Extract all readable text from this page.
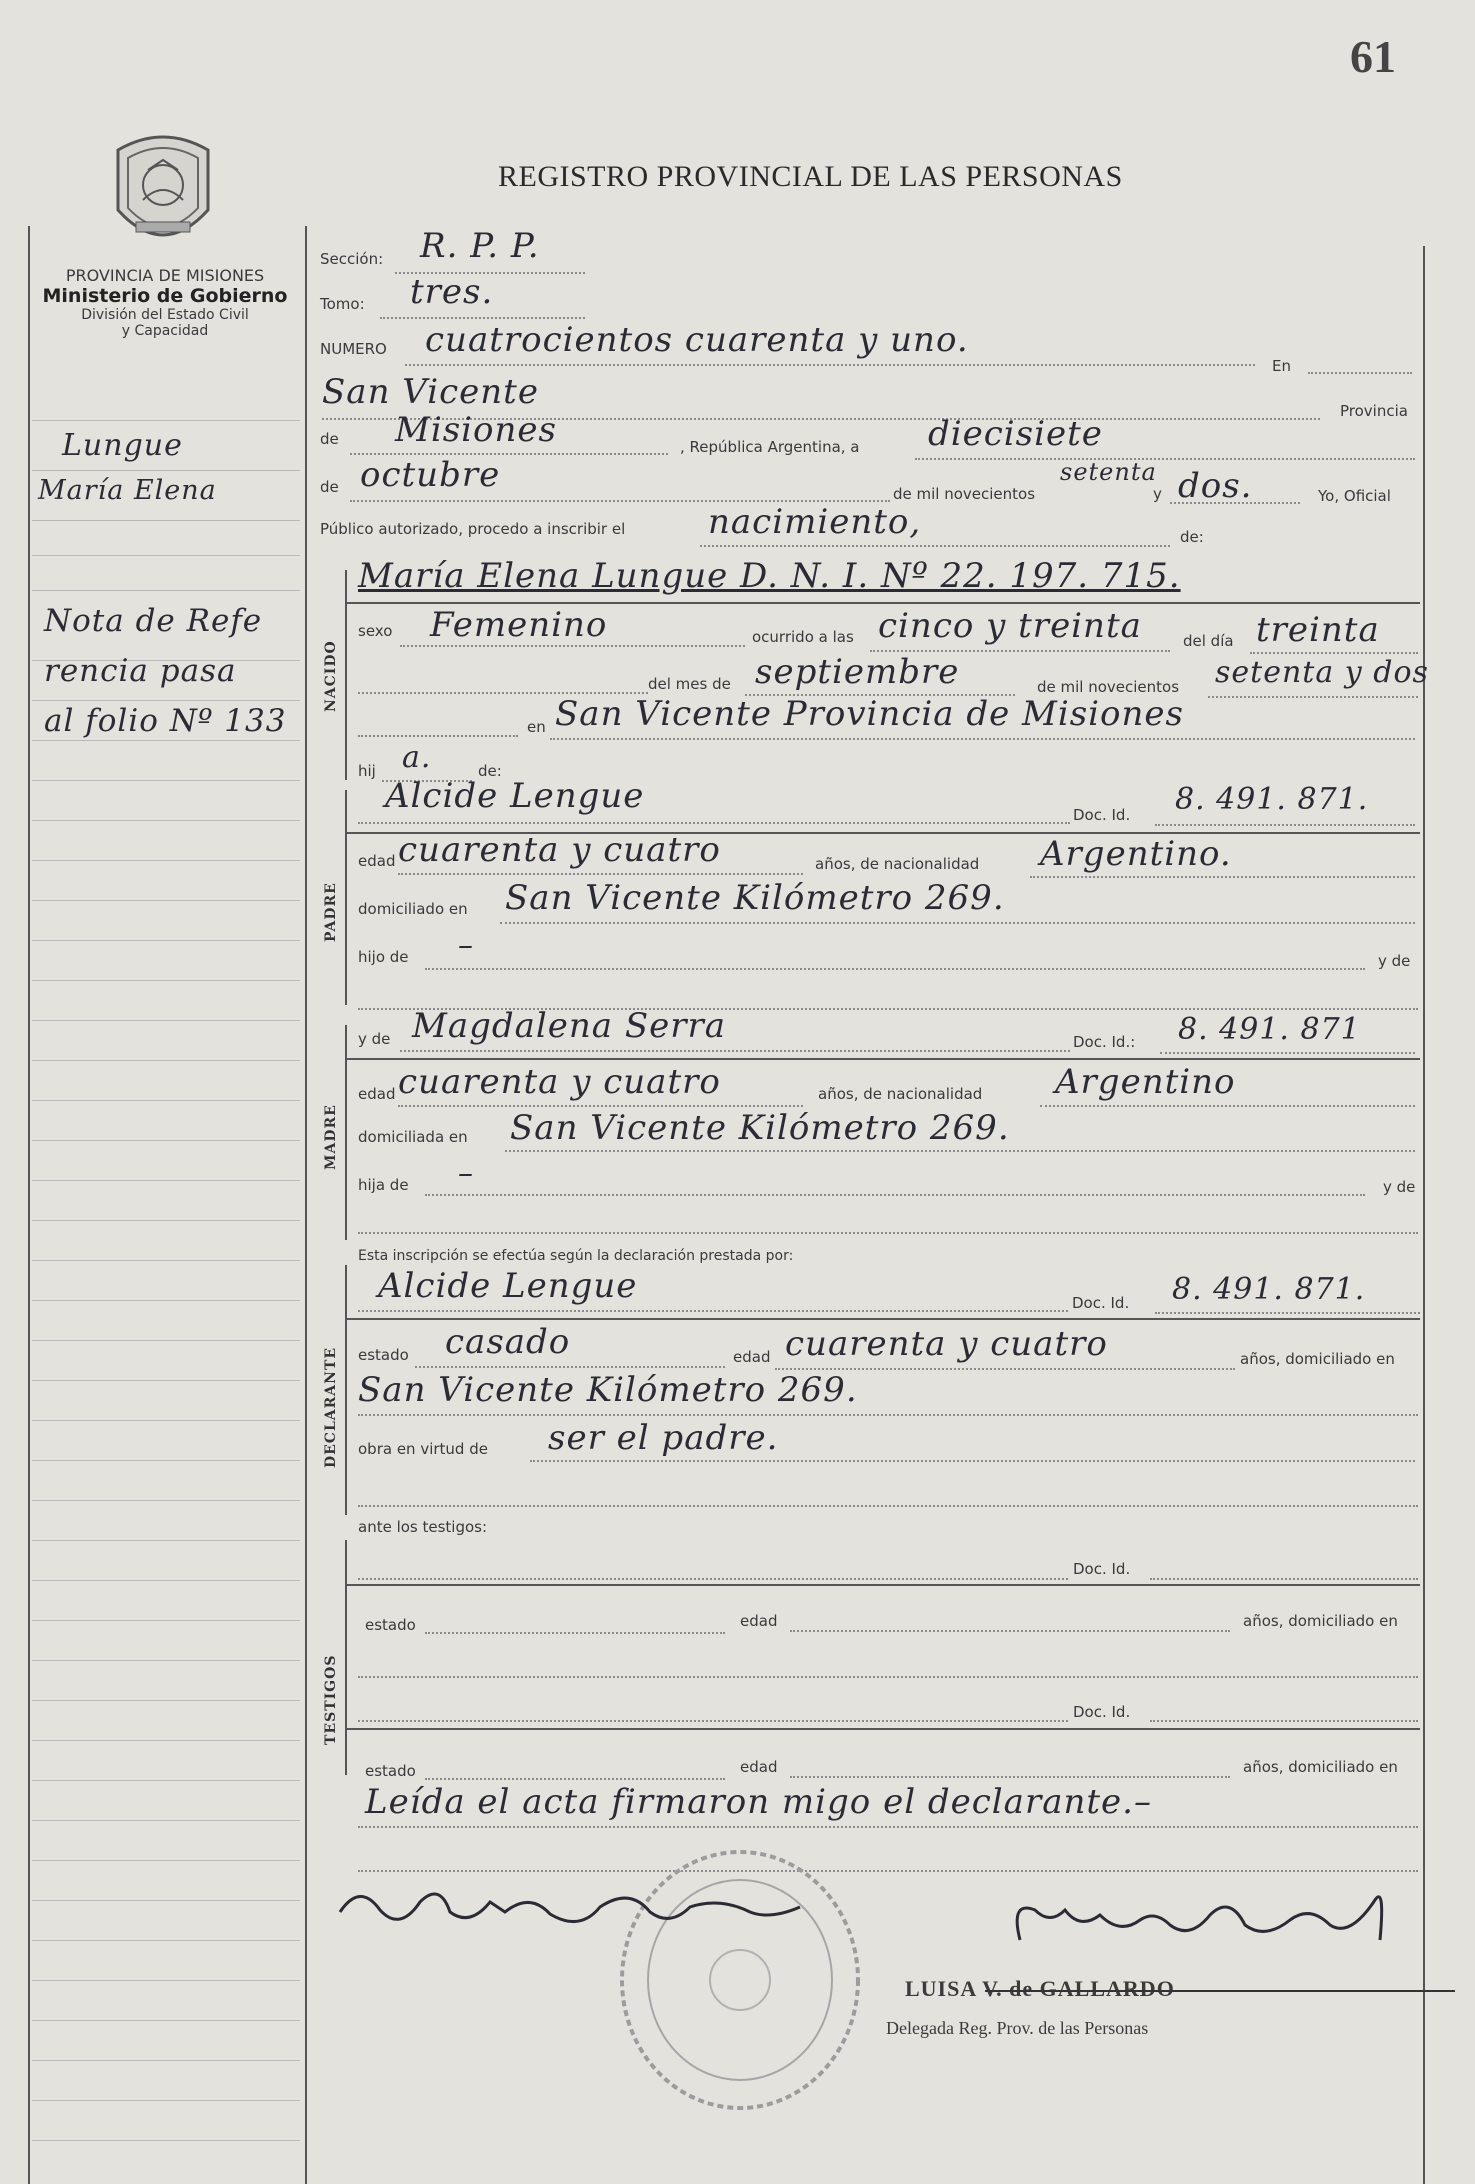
61
REGISTRO PROVINCIAL DE LAS PERSONAS
PROVINCIA DE MISIONES
Ministerio de Gobierno
División del Estado Civil
y Capacidad
Lungue
María Elena
Nota de Refe
rencia pasa
al folio Nº 133
Sección: R. P. P.
Tomo: tres.
NUMERO cuatrocientos cuarenta y uno.
En
San Vicente	Provincia
de Misiones	, República Argentina, a diecisiete
de octubre	de mil novecientos
setenta
y dos.	Yo, Oficial
Público autorizado, procedo a inscribir el nacimiento,	de:
NACIDO
María Elena Lungue D. N. I. Nº 22. 197. 715.
sexo Femenino	ocurrido a las cinco y treinta	del día treinta
del mes de septiembre	de mil novecientos setenta y dos
en San Vicente Provincia de Misiones
hij a.	de:
PADRE
Alcide Lengue	Doc. Id. 8. 491. 871.
edad cuarenta y cuatro	años, de nacionalidad Argentino.
domiciliado en San Vicente Kilómetro 269.
hijo de –	y de
MADRE
y de Magdalena Serra	Doc. Id.: 8. 491. 871
edad cuarenta y cuatro	años, de nacionalidad Argentino
domiciliada en San Vicente Kilómetro 269.
hija de –	y de
Esta inscripción se efectúa según la declaración prestada por:
DECLARANTE
Alcide Lengue	Doc. Id. 8. 491. 871.
estado casado	edad cuarenta y cuatro	años, domiciliado en
San Vicente Kilómetro 269.
obra en virtud de ser el padre.
ante los testigos:
TESTIGOS
Doc. Id.
estado	edad	años, domiciliado en
Doc. Id.
estado	edad	años, domiciliado en
Leída el acta firmaron migo el declarante.–
LUISA V. de GALLARDO
Delegada Reg. Prov. de las Personas
